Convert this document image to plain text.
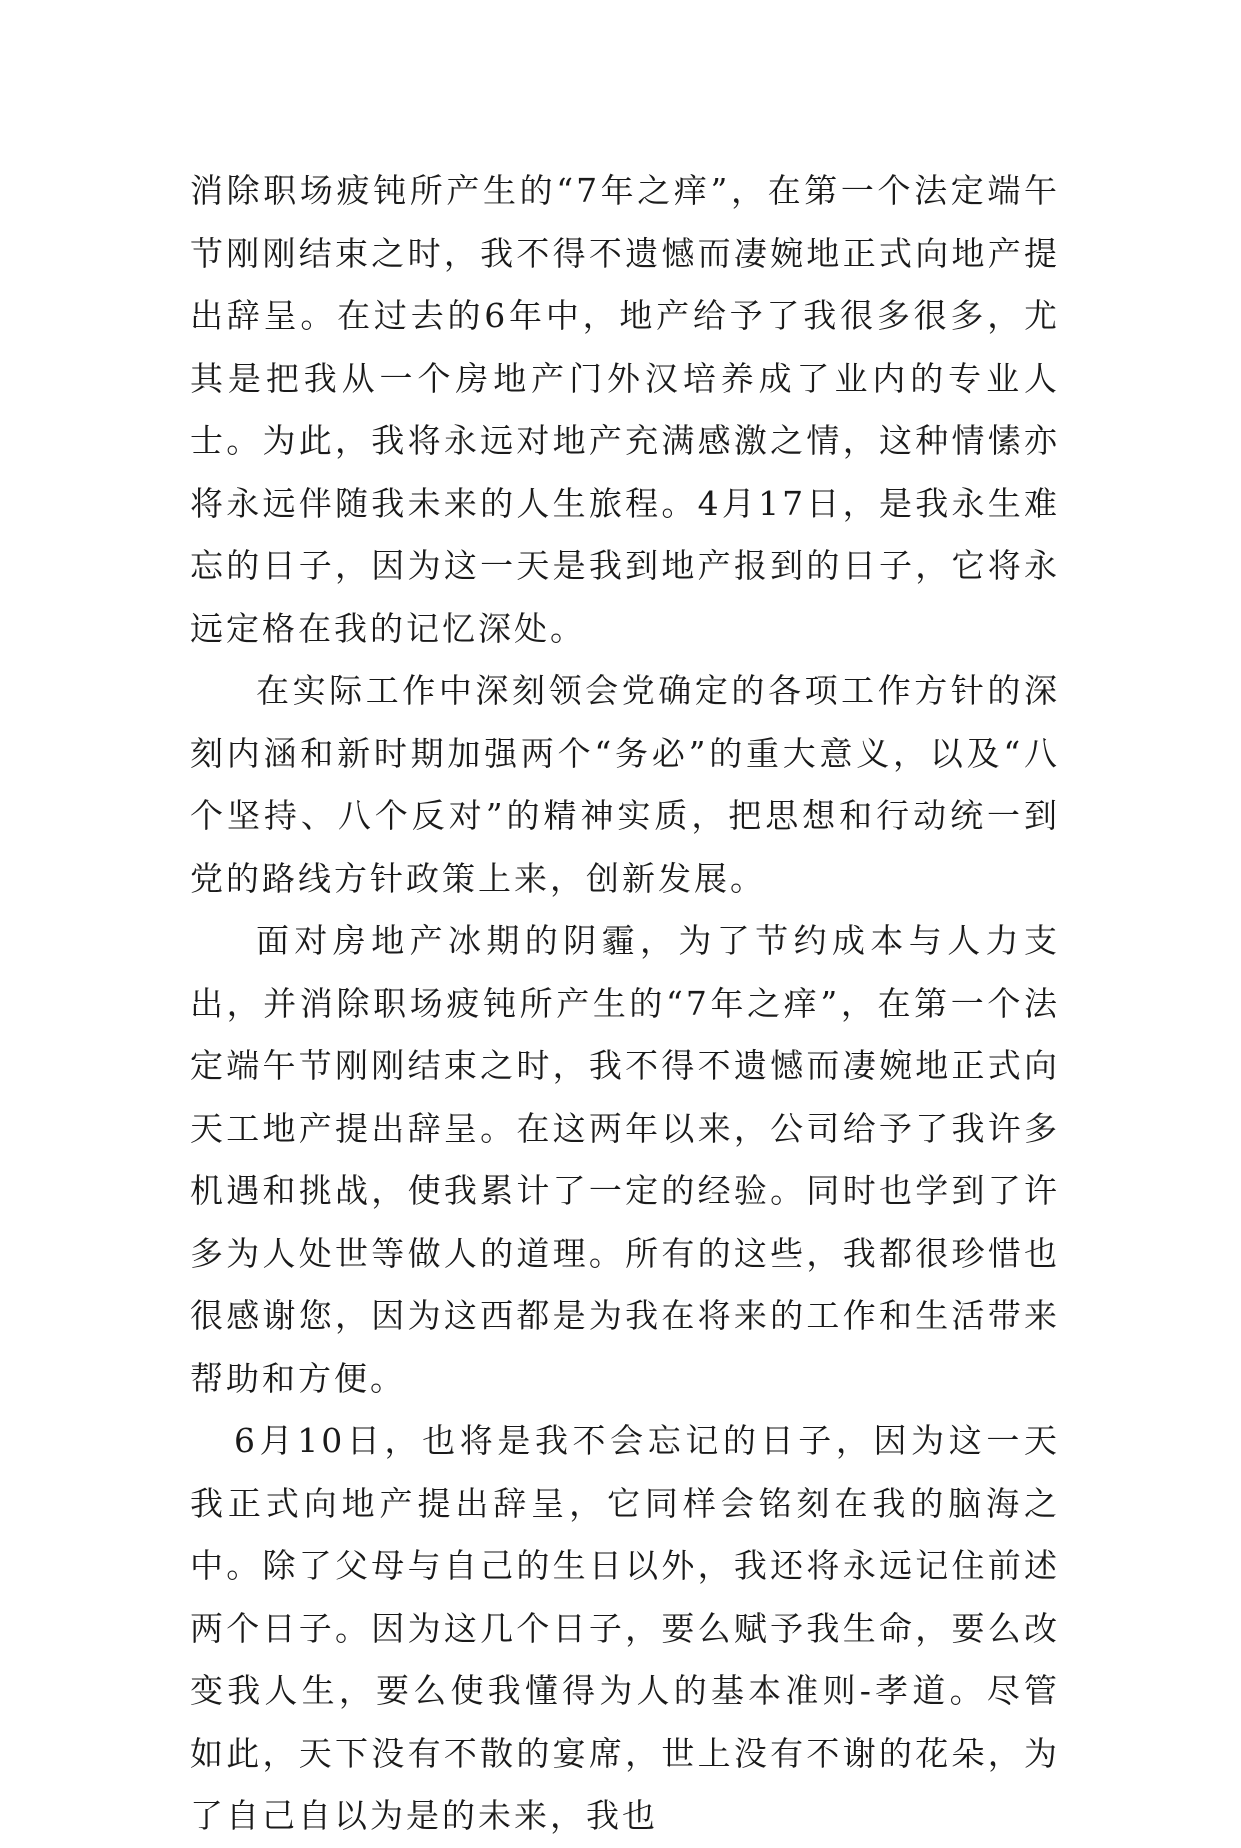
消除职场疲钝所产生的“7年之痒”，在第一个法定端午节刚刚结束之时，我不得不遗憾而凄婉地正式向地产提出辞呈。在过去的6年中，地产给予了我很多很多，尤其是把我从一个房地产门外汉培养成了业内的专业人士。为此，我将永远对地产充满感激之情，这种情愫亦将永远伴随我未来的人生旅程。4月17日，是我永生难忘的日子，因为这一天是我到地产报到的日子，它将永远定格在我的记忆深处。

在实际工作中深刻领会党确定的各项工作方针的深刻内涵和新时期加强两个“务必”的重大意义，以及“八个坚持、八个反对”的精神实质，把思想和行动统一到党的路线方针政策上来，创新发展。

面对房地产冰期的阴霾，为了节约成本与人力支出，并消除职场疲钝所产生的“7年之痒”，在第一个法定端午节刚刚结束之时，我不得不遗憾而凄婉地正式向天工地产提出辞呈。在这两年以来，公司给予了我许多机遇和挑战，使我累计了一定的经验。同时也学到了许多为人处世等做人的道理。所有的这些，我都很珍惜也很感谢您，因为这西都是为我在将来的工作和生活带来帮助和方便。

6月10日，也将是我不会忘记的日子，因为这一天我正式向地产提出辞呈，它同样会铭刻在我的脑海之中。除了父母与自己的生日以外，我还将永远记住前述两个日子。因为这几个日子，要么赋予我生命，要么改变我人生，要么使我懂得为人的基本准则-孝道。尽管如此，天下没有不散的宴席，世上没有不谢的花朵，为了自己自以为是的未来，我也
